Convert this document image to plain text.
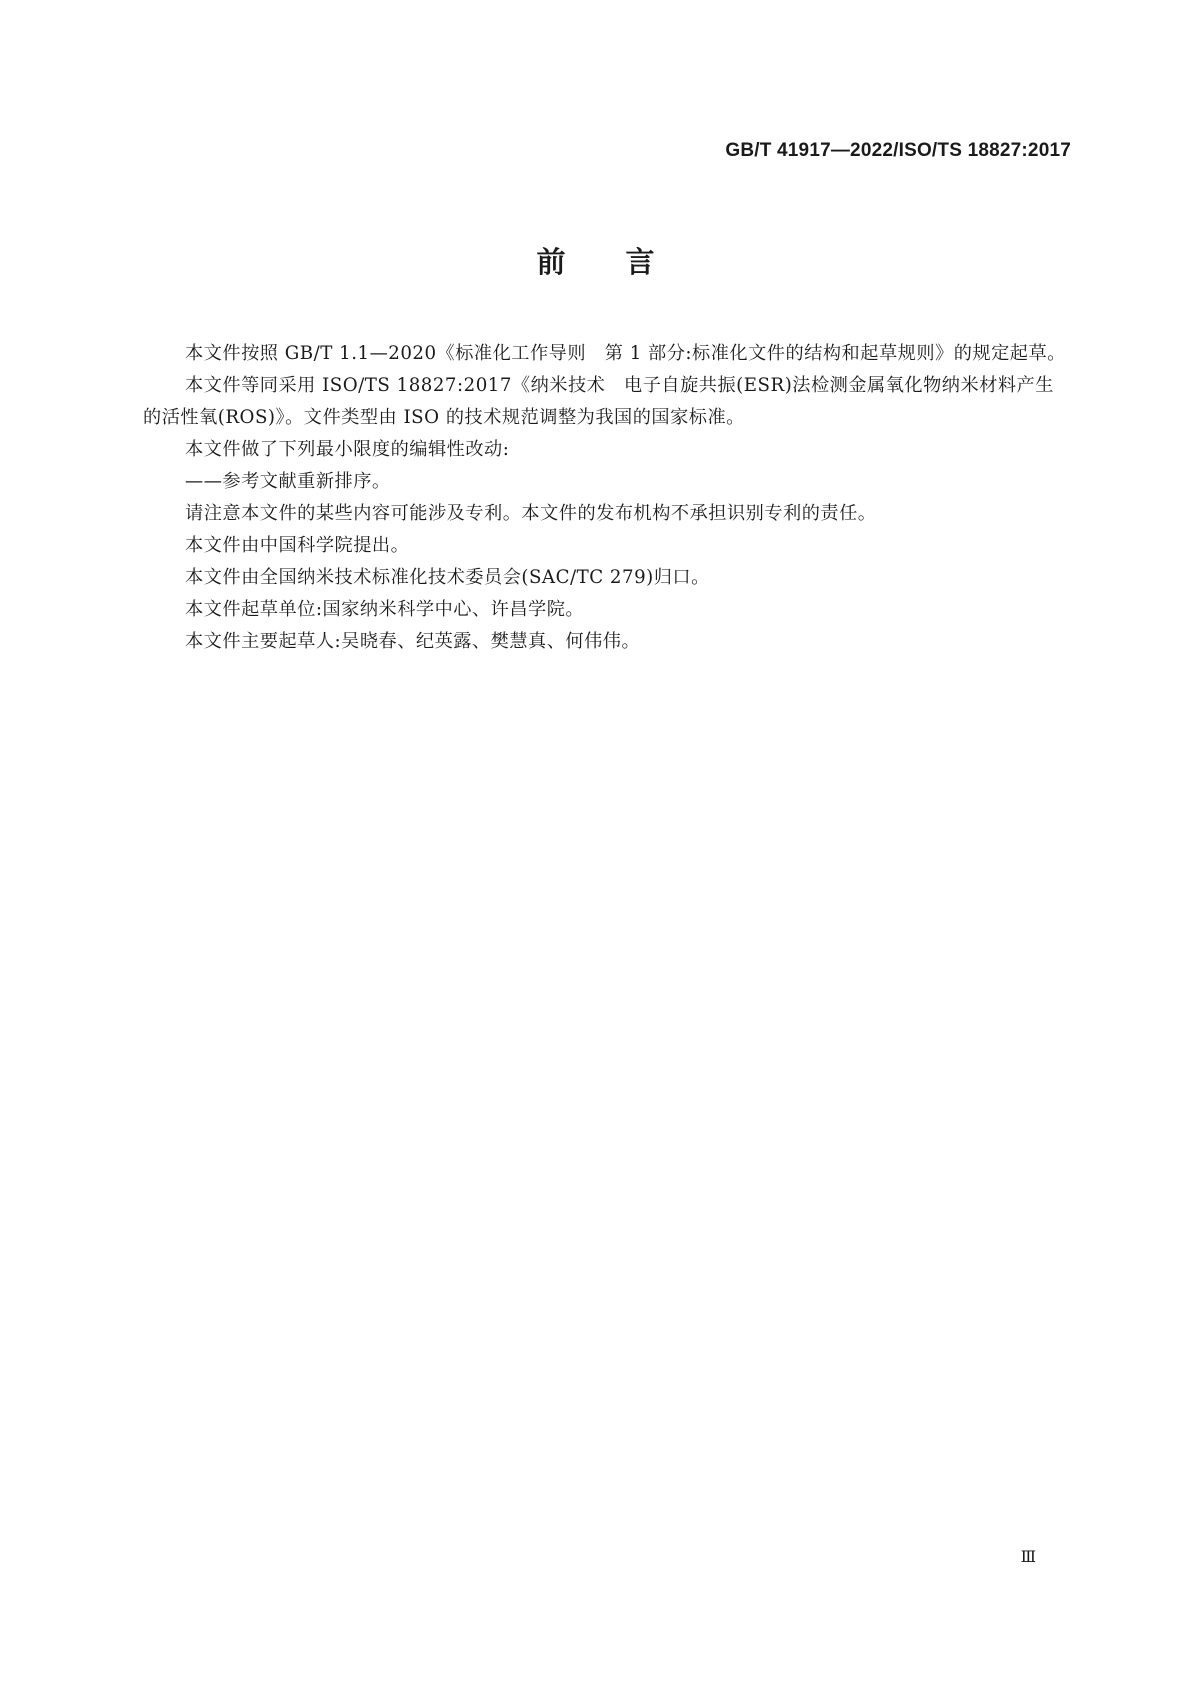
GB/T 41917—2022/ISO/TS 18827:2017
前言

本文件按照 GB/T 1.1—2020《标准化工作导则　第 1 部分:标准化文件的结构和起草规则》的规定起草。

本文件等同采用 ISO/TS 18827:2017《纳米技术　电子自旋共振(ESR)法检测金属氧化物纳米材料产生的活性氧(ROS)》。文件类型由 ISO 的技术规范调整为我国的国家标准。

本文件做了下列最小限度的编辑性改动:

——参考文献重新排序。

请注意本文件的某些内容可能涉及专利。本文件的发布机构不承担识别专利的责任。

本文件由中国科学院提出。

本文件由全国纳米技术标准化技术委员会(SAC/TC 279)归口。

本文件起草单位:国家纳米科学中心、许昌学院。

本文件主要起草人:吴晓春、纪英露、樊慧真、何伟伟。

Ⅲ
